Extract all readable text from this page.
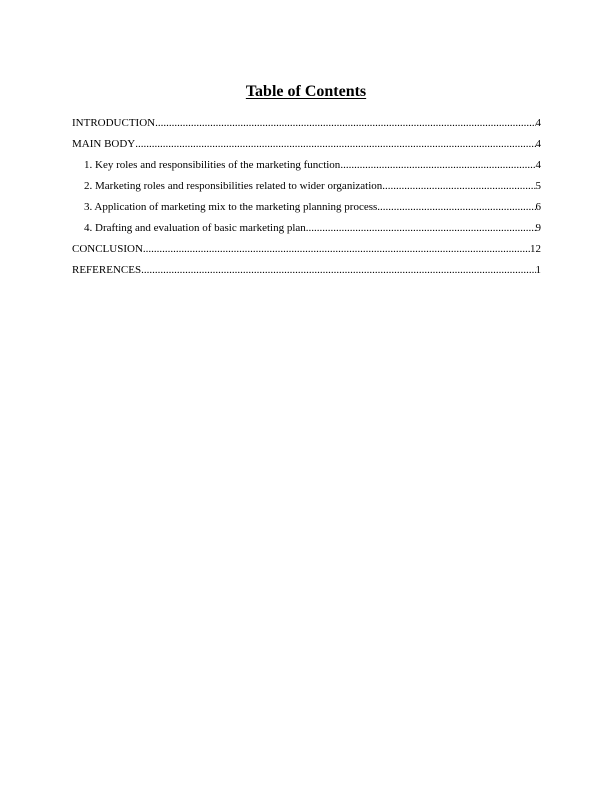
Table of Contents
INTRODUCTION .....	4
MAIN BODY .....	4
1. Key roles and responsibilities of the marketing function .....	4
2. Marketing roles and responsibilities related to wider organization .....	5
3. Application of marketing mix to the marketing planning process .....	6
4. Drafting and evaluation of basic marketing plan .....	9
CONCLUSION .....	12
REFERENCES .....	1
